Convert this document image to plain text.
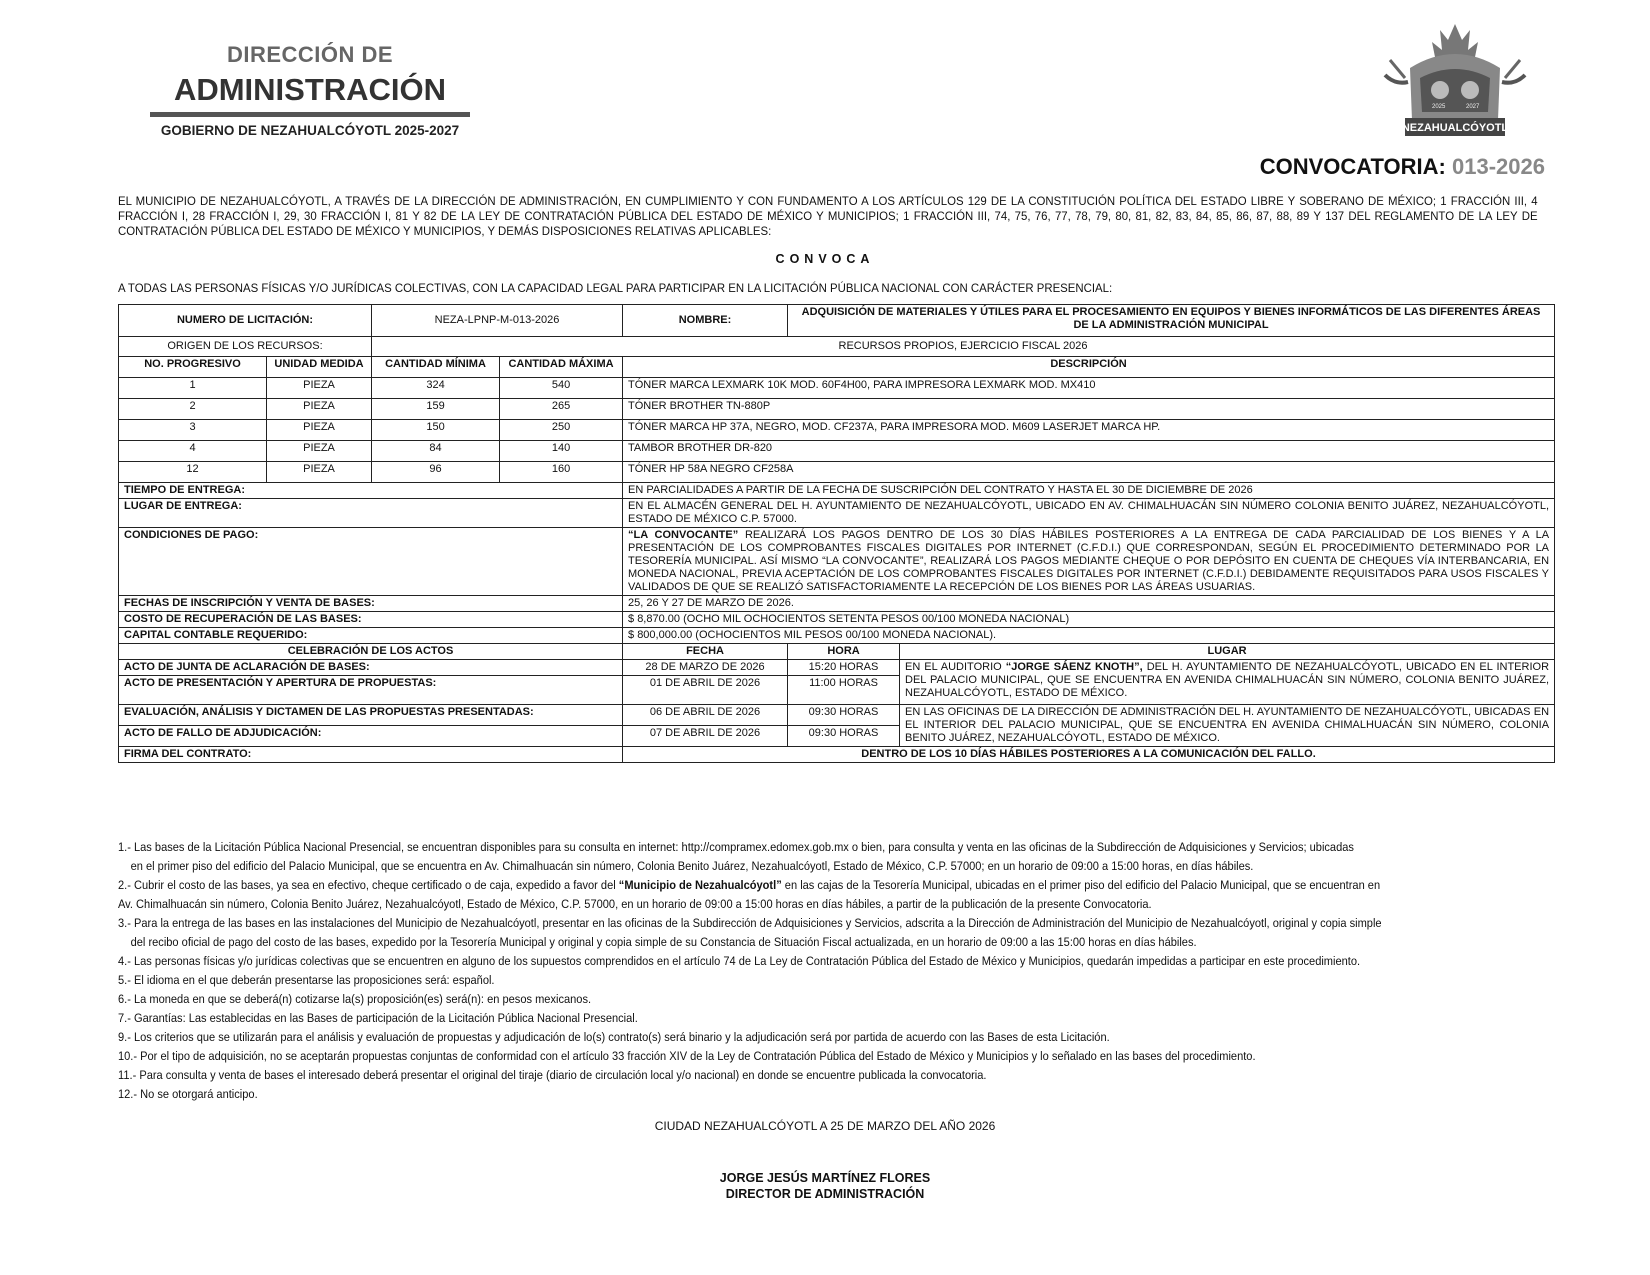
DIRECCIÓN DE
ADMINISTRACIÓN
GOBIERNO DE NEZAHUALCÓYOTL 2025-2027
2025	2027
NEZAHUALCÓYOTL
CONVOCATORIA: 013-2026
EL MUNICIPIO DE NEZAHUALCÓYOTL, A TRAVÉS DE LA DIRECCIÓN DE ADMINISTRACIÓN, EN CUMPLIMIENTO Y CON FUNDAMENTO A LOS ARTÍCULOS 129 DE LA CONSTITUCIÓN POLÍTICA DEL ESTADO LIBRE Y SOBERANO DE MÉXICO; 1 FRACCIÓN III, 4 FRACCIÓN I, 28 FRACCIÓN I, 29, 30 FRACCIÓN I, 81 Y 82 DE LA LEY DE CONTRATACIÓN PÚBLICA DEL ESTADO DE MÉXICO Y MUNICIPIOS; 1 FRACCIÓN III, 74, 75, 76, 77, 78, 79, 80, 81, 82, 83, 84, 85, 86, 87, 88, 89 Y 137 DEL REGLAMENTO DE LA LEY DE CONTRATACIÓN PÚBLICA DEL ESTADO DE MÉXICO Y MUNICIPIOS, Y DEMÁS DISPOSICIONES RELATIVAS APLICABLES:
CONVOCA
A TODAS LAS PERSONAS FÍSICAS Y/O JURÍDICAS COLECTIVAS, CON LA CAPACIDAD LEGAL PARA PARTICIPAR EN LA LICITACIÓN PÚBLICA NACIONAL CON CARÁCTER PRESENCIAL:
NUMERO DE LICITACIÓN:		NEZA-LPNP-M-013-2026		NOMBRE:	ADQUISICIÓN DE MATERIALES Y ÚTILES PARA EL PROCESAMIENTO EN EQUIPOS Y BIENES INFORMÁTICOS DE LAS DIFERENTES ÁREAS DE LA ADMINISTRACIÓN MUNICIPAL	
ORIGEN DE LOS RECURSOS:		RECURSOS PROPIOS, EJERCICIO FISCAL 2026				
NO. PROGRESIVO	UNIDAD MEDIDA	CANTIDAD MÍNIMA	CANTIDAD MÁXIMA	DESCRIPCIÓN		
1	PIEZA	324	540	TÓNER MARCA LEXMARK 10K MOD. 60F4H00, PARA IMPRESORA LEXMARK MOD. MX410		
2	PIEZA	159	265	TÓNER BROTHER TN-880P		
3	PIEZA	150	250	TÓNER MARCA HP 37A, NEGRO, MOD. CF237A, PARA IMPRESORA MOD. M609 LASERJET MARCA HP.		
4	PIEZA	84	140	TAMBOR BROTHER DR-820		
12	PIEZA	96	160	TÓNER HP 58A NEGRO CF258A		
TIEMPO DE ENTREGA:				EN PARCIALIDADES A PARTIR DE LA FECHA DE SUSCRIPCIÓN DEL CONTRATO Y HASTA EL 30 DE DICIEMBRE DE 2026		
LUGAR DE ENTREGA:				EN EL ALMACÉN GENERAL DEL H. AYUNTAMIENTO DE NEZAHUALCÓYOTL, UBICADO EN AV. CHIMALHUACÁN SIN NÚMERO COLONIA BENITO JUÁREZ, NEZAHUALCÓYOTL, ESTADO DE MÉXICO C.P. 57000.		
CONDICIONES DE PAGO:				“LA CONVOCANTE” REALIZARÁ LOS PAGOS DENTRO DE LOS 30 DÍAS HÁBILES POSTERIORES A LA ENTREGA DE CADA PARCIALIDAD DE LOS BIENES Y A LA PRESENTACIÓN DE LOS COMPROBANTES FISCALES DIGITALES POR INTERNET (C.F.D.I.) QUE CORRESPONDAN, SEGÚN EL PROCEDIMIENTO DETERMINADO POR LA TESORERÍA MUNICIPAL. ASÍ MISMO “LA CONVOCANTE”, REALIZARÁ LOS PAGOS MEDIANTE CHEQUE O POR DEPÓSITO EN CUENTA DE CHEQUES VÍA INTERBANCARIA, EN MONEDA NACIONAL, PREVIA ACEPTACIÓN DE LOS COMPROBANTES FISCALES DIGITALES POR INTERNET (C.F.D.I.) DEBIDAMENTE REQUISITADOS PARA USOS FISCALES Y VALIDADOS DE QUE SE REALIZÓ SATISFACTORIAMENTE LA RECEPCIÓN DE LOS BIENES POR LAS ÁREAS USUARIAS.		
FECHAS DE INSCRIPCIÓN Y VENTA DE BASES:				25, 26 Y 27 DE MARZO DE 2026.		
COSTO DE RECUPERACIÓN DE LAS BASES:				$ 8,870.00 (OCHO MIL OCHOCIENTOS SETENTA PESOS 00/100 MONEDA NACIONAL)		
CAPITAL CONTABLE REQUERIDO:				$ 800,000.00 (OCHOCIENTOS MIL PESOS 00/100 MONEDA NACIONAL).		
CELEBRACIÓN DE LOS ACTOS				FECHA	HORA	LUGAR
ACTO DE JUNTA DE ACLARACIÓN DE BASES:				28 DE MARZO DE 2026	15:20 HORAS	EN EL AUDITORIO “JORGE SÁENZ KNOTH”, DEL H. AYUNTAMIENTO DE NEZAHUALCÓYOTL, UBICADO EN EL INTERIOR DEL PALACIO MUNICIPAL, QUE SE ENCUENTRA EN AVENIDA CHIMALHUACÁN SIN NÚMERO, COLONIA BENITO JUÁREZ, NEZAHUALCÓYOTL, ESTADO DE MÉXICO.
ACTO DE PRESENTACIÓN Y APERTURA DE PROPUESTAS:				01 DE ABRIL DE 2026	11:00 HORAS	
EVALUACIÓN, ANÁLISIS Y DICTAMEN DE LAS PROPUESTAS PRESENTADAS:				06 DE ABRIL DE 2026	09:30 HORAS	EN LAS OFICINAS DE LA DIRECCIÓN DE ADMINISTRACIÓN DEL H. AYUNTAMIENTO DE NEZAHUALCÓYOTL, UBICADAS EN EL INTERIOR DEL PALACIO MUNICIPAL, QUE SE ENCUENTRA EN AVENIDA CHIMALHUACÁN SIN NÚMERO, COLONIA BENITO JUÁREZ, NEZAHUALCÓYOTL, ESTADO DE MÉXICO.
ACTO DE FALLO DE ADJUDICACIÓN:				07 DE ABRIL DE 2026	09:30 HORAS	
FIRMA DEL CONTRATO:				DENTRO DE LOS 10 DÍAS HÁBILES POSTERIORES A LA COMUNICACIÓN DEL FALLO.		

1.- Las bases de la Licitación Pública Nacional Presencial, se encuentran disponibles para su consulta en internet: http://compramex.edomex.gob.mx o bien, para consulta y venta en las oficinas de la Subdirección de Adquisiciones y Servicios; ubicadas

en el primer piso del edificio del Palacio Municipal, que se encuentra en Av. Chimalhuacán sin número, Colonia Benito Juárez, Nezahualcóyotl, Estado de México, C.P. 57000; en un horario de 09:00 a 15:00 horas, en días hábiles.

2.- Cubrir el costo de las bases, ya sea en efectivo, cheque certificado o de caja, expedido a favor del “Municipio de Nezahualcóyotl” en las cajas de la Tesorería Municipal, ubicadas en el primer piso del edificio del Palacio Municipal, que se encuentran en

Av. Chimalhuacán sin número, Colonia Benito Juárez, Nezahualcóyotl, Estado de México, C.P. 57000, en un horario de 09:00 a 15:00 horas en días hábiles, a partir de la publicación de la presente Convocatoria.

3.- Para la entrega de las bases en las instalaciones del Municipio de Nezahualcóyotl, presentar en las oficinas de la Subdirección de Adquisiciones y Servicios, adscrita a la Dirección de Administración del Municipio de Nezahualcóyotl, original y copia simple

del recibo oficial de pago del costo de las bases, expedido por la Tesorería Municipal y original y copia simple de su Constancia de Situación Fiscal actualizada, en un horario de 09:00 a las 15:00 horas en días hábiles.

4.- Las personas físicas y/o jurídicas colectivas que se encuentren en alguno de los supuestos comprendidos en el artículo 74 de La Ley de Contratación Pública del Estado de México y Municipios, quedarán impedidas a participar en este procedimiento.

5.- El idioma en el que deberán presentarse las proposiciones será: español.

6.- La moneda en que se deberá(n) cotizarse la(s) proposición(es) será(n): en pesos mexicanos.

7.- Garantías: Las establecidas en las Bases de participación de la Licitación Pública Nacional Presencial.

9.- Los criterios que se utilizarán para el análisis y evaluación de propuestas y adjudicación de lo(s) contrato(s) será binario y la adjudicación será por partida de acuerdo con las Bases de esta Licitación.

10.- Por el tipo de adquisición, no se aceptarán propuestas conjuntas de conformidad con el artículo 33 fracción XIV de la Ley de Contratación Pública del Estado de México y Municipios y lo señalado en las bases del procedimiento.

11.- Para consulta y venta de bases el interesado deberá presentar el original del tiraje (diario de circulación local y/o nacional) en donde se encuentre publicada la convocatoria.

12.- No se otorgará anticipo.

CIUDAD NEZAHUALCÓYOTL A 25 DE MARZO DEL AÑO 2026
JORGE JESÚS MARTÍNEZ FLORES
DIRECTOR DE ADMINISTRACIÓN
